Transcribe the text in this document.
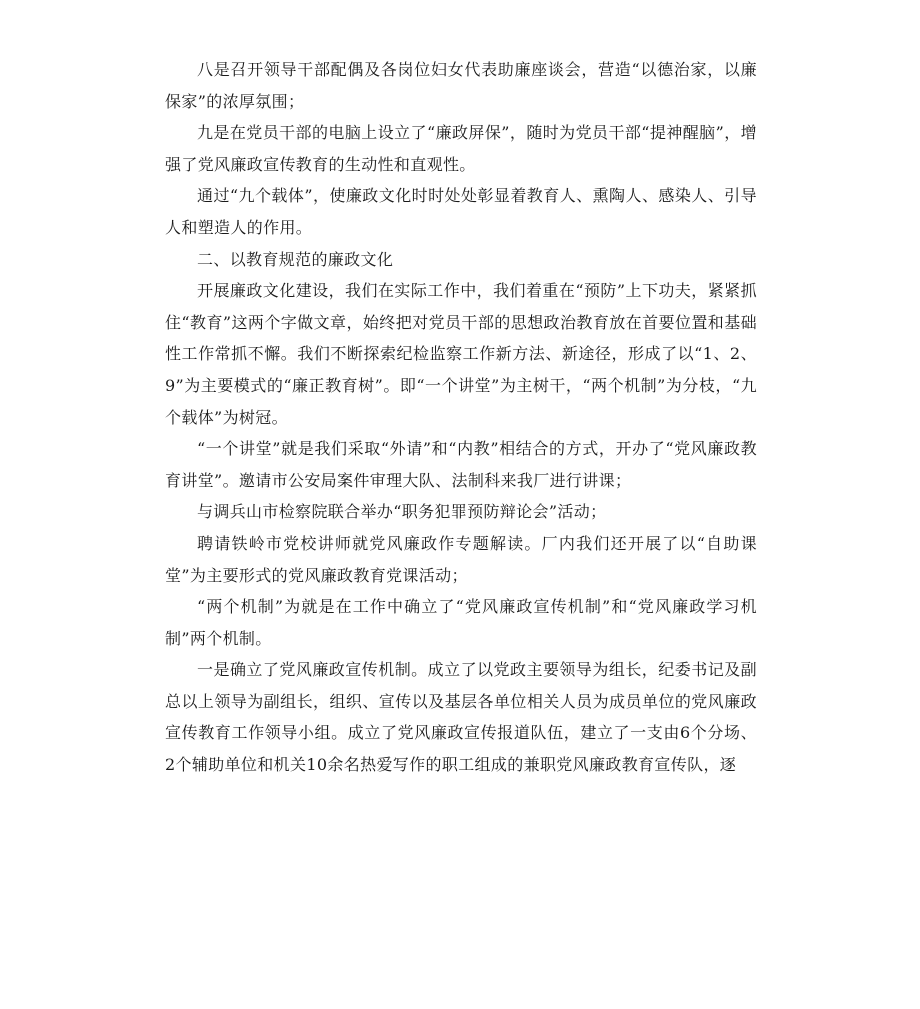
八是召开领导干部配偶及各岗位妇女代表助廉座谈会，营造“以德治家，以廉保家”的浓厚氛围；

九是在党员干部的电脑上设立了“廉政屏保”，随时为党员干部“提神醒脑”，增强了党风廉政宣传教育的生动性和直观性。

通过“九个载体”，使廉政文化时时处处彰显着教育人、熏陶人、感染人、引导人和塑造人的作用。

二、以教育规范的廉政文化

开展廉政文化建设，我们在实际工作中，我们着重在“预防”上下功夫，紧紧抓住“教育”这两个字做文章，始终把对党员干部的思想政治教育放在首要位置和基础性工作常抓不懈。我们不断探索纪检监察工作新方法、新途径，形成了以“1、2、9”为主要模式的“廉正教育树”。即“一个讲堂”为主树干，“两个机制”为分枝，“九个载体”为树冠。

“一个讲堂”就是我们采取“外请”和“内教”相结合的方式，开办了“党风廉政教育讲堂”。邀请市公安局案件审理大队、法制科来我厂进行讲课；

与调兵山市检察院联合举办“职务犯罪预防辩论会”活动；

聘请铁岭市党校讲师就党风廉政作专题解读。厂内我们还开展了以“自助课堂”为主要形式的党风廉政教育党课活动；

“两个机制”为就是在工作中确立了“党风廉政宣传机制”和“党风廉政学习机制”两个机制。

一是确立了党风廉政宣传机制。成立了以党政主要领导为组长，纪委书记及副总以上领导为副组长，组织、宣传以及基层各单位相关人员为成员单位的党风廉政宣传教育工作领导小组。成立了党风廉政宣传报道队伍，建立了一支由6个分场、2个辅助单位和机关10余名热爱写作的职工组成的兼职党风廉政教育宣传队，逐
